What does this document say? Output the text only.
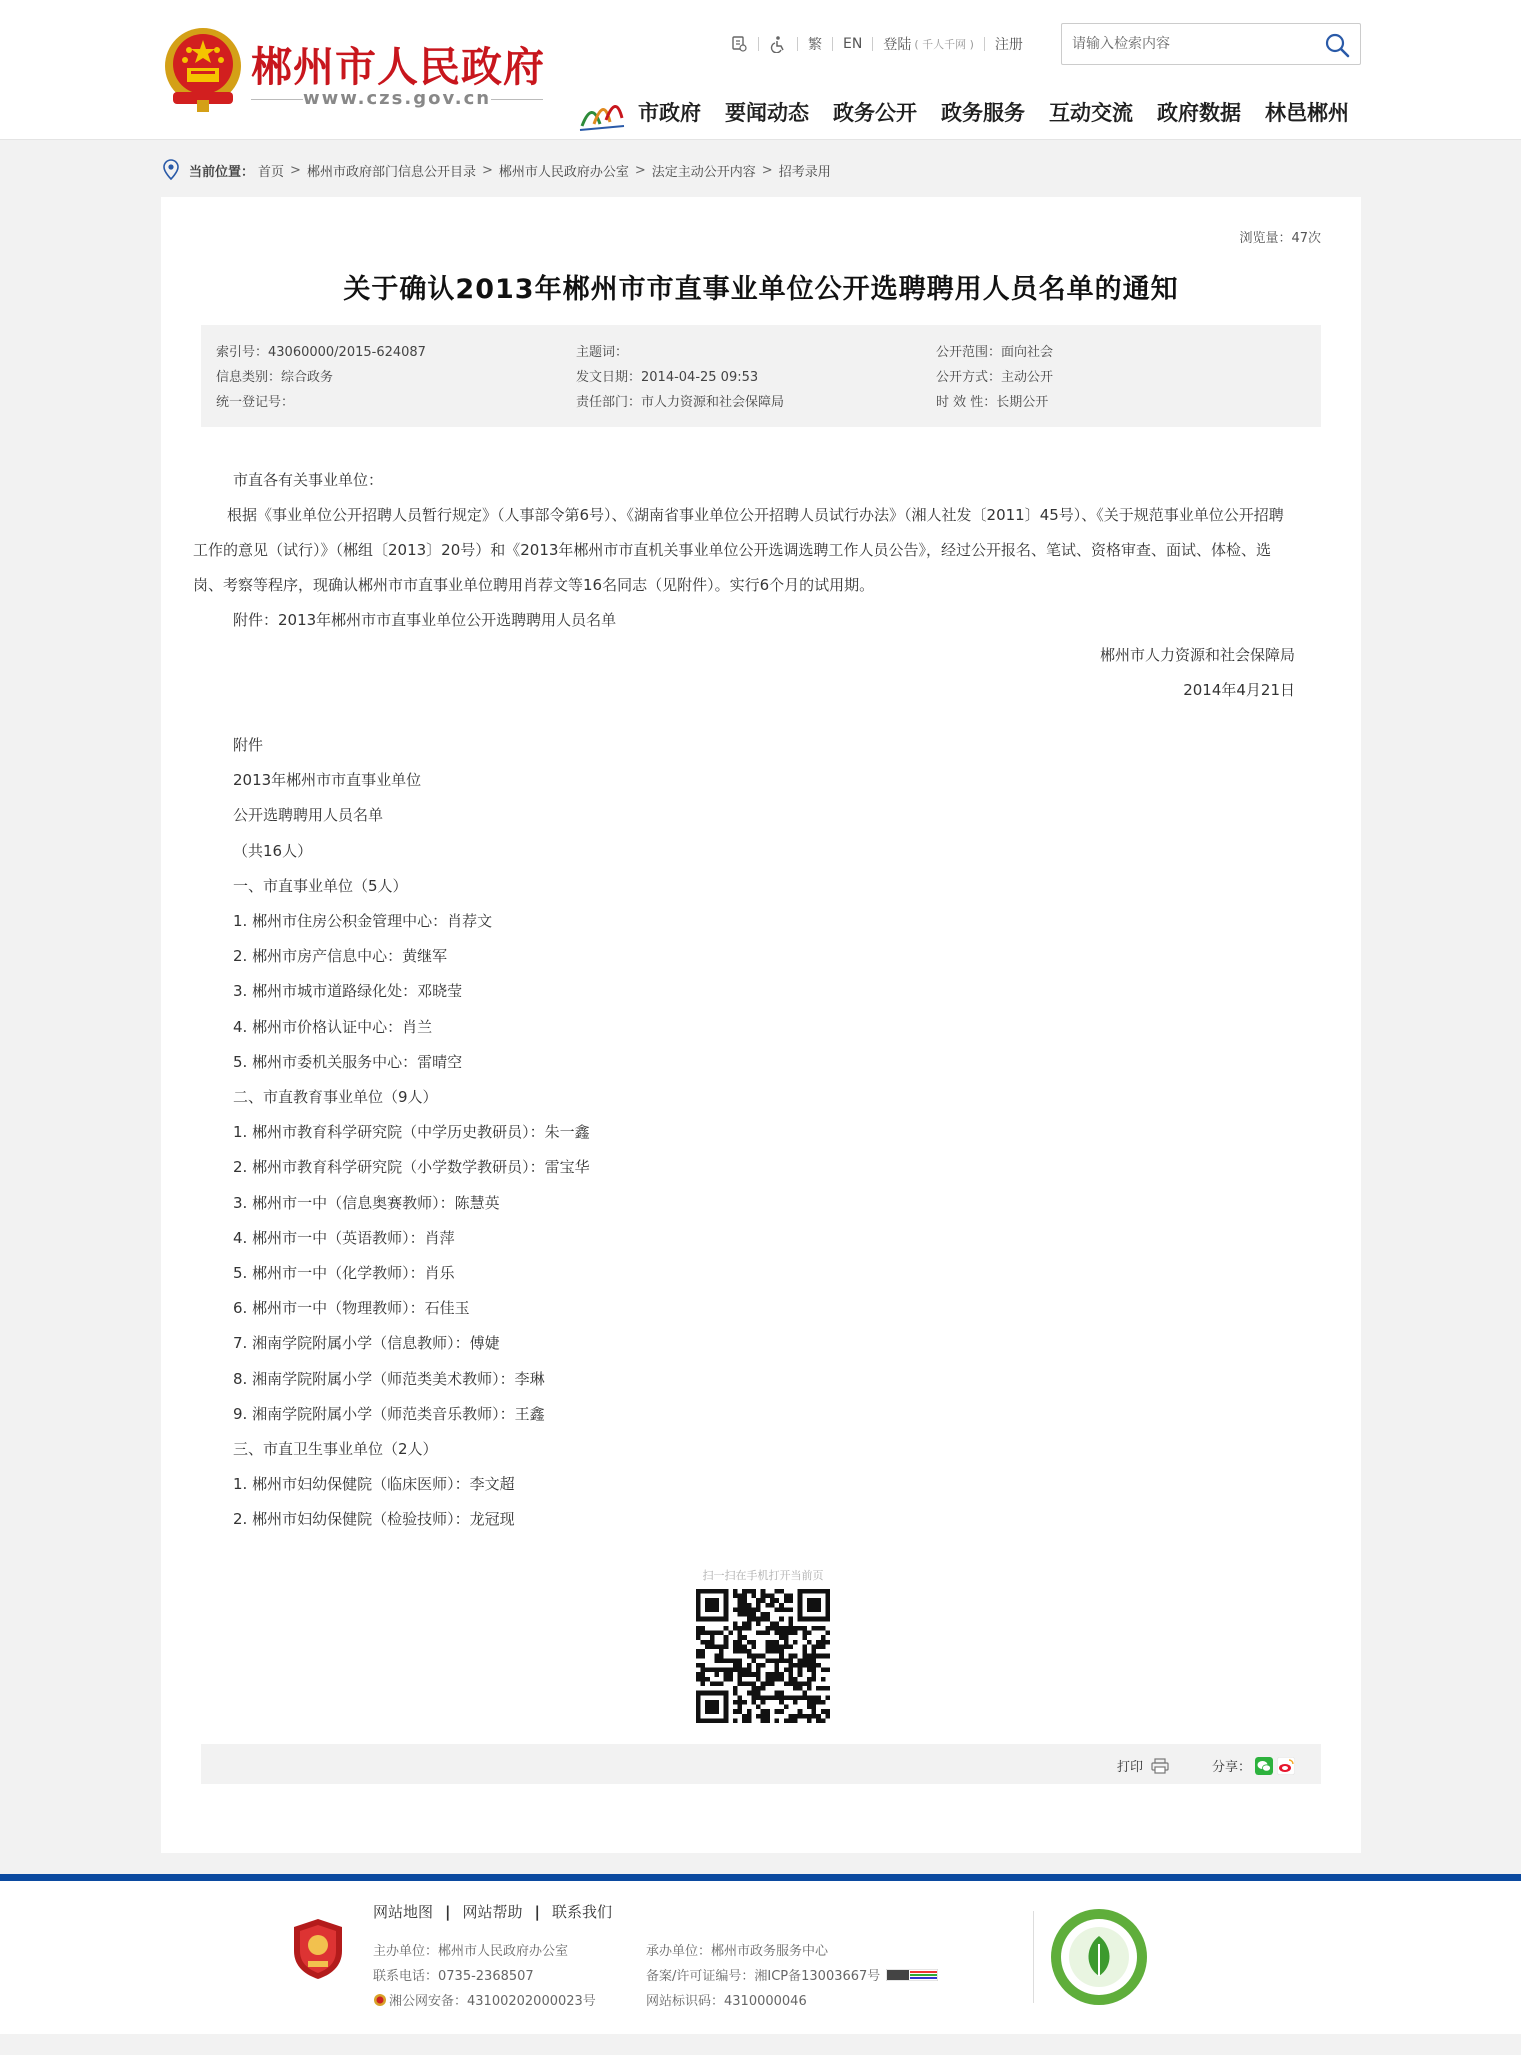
郴州市人民政府
www.czs.gov.cn
繁	EN	登陆 ( 千人千网 )	注册
请输入检索内容
市政府 要闻动态 政务公开 政务服务 互动交流 政府数据 林邑郴州
当前位置： 首页 > 郴州市政府部门信息公开目录 > 郴州市人民政府办公室 > 法定主动公开内容 > 招考录用
浏览量：47次
关于确认2013年郴州市市直事业单位公开选聘聘用人员名单的通知
索引号：43060000/2015-624087	主题词：	公开范围：面向社会
信息类别：综合政务	发文日期：2014-04-25 09:53	公开方式：主动公开
统一登记号：	责任部门：市人力资源和社会保障局	时 效 性：长期公开

市直各有关事业单位：

根据《事业单位公开招聘人员暂行规定》（人事部令第6号）、《湖南省事业单位公开招聘人员试行办法》（湘人社发〔2011〕45号）、《关于规范事业单位公开招聘工作的意见（试行）》（郴组〔2013〕20号）和《2013年郴州市市直机关事业单位公开选调选聘工作人员公告》，经过公开报名、笔试、资格审查、面试、体检、选岗、考察等程序，现确认郴州市市直事业单位聘用肖荐文等16名同志（见附件）。实行6个月的试用期。

附件：2013年郴州市市直事业单位公开选聘聘用人员名单

郴州市人力资源和社会保障局

2014年4月21日

附件

2013年郴州市市直事业单位

公开选聘聘用人员名单

（共16人）

一、市直事业单位（5人）

1. 郴州市住房公积金管理中心：肖荐文

2. 郴州市房产信息中心：黄继军

3. 郴州市城市道路绿化处：邓晓莹

4. 郴州市价格认证中心：肖兰

5. 郴州市委机关服务中心：雷晴空

二、市直教育事业单位（9人）

1. 郴州市教育科学研究院（中学历史教研员）：朱一鑫

2. 郴州市教育科学研究院（小学数学教研员）：雷宝华

3. 郴州市一中（信息奥赛教师）：陈慧英

4. 郴州市一中（英语教师）：肖萍

5. 郴州市一中（化学教师）：肖乐

6. 郴州市一中（物理教师）：石佳玉

7. 湘南学院附属小学（信息教师）：傅婕

8. 湘南学院附属小学（师范类美术教师）：李琳

9. 湘南学院附属小学（师范类音乐教师）：王鑫

三、市直卫生事业单位（2人）

1. 郴州市妇幼保健院（临床医师）：李文超

2. 郴州市妇幼保健院（检验技师）：龙冠现

扫一扫在手机打开当前页
打印	分享：
网站地图 | 网站帮助 | 联系我们
主办单位：郴州市人民政府办公室	承办单位：郴州市政务服务中心
联系电话：0735-2368507	备案/许可证编号：湘ICP备13003667号
湘公网安备：43100202000023号	网站标识码：4310000046
